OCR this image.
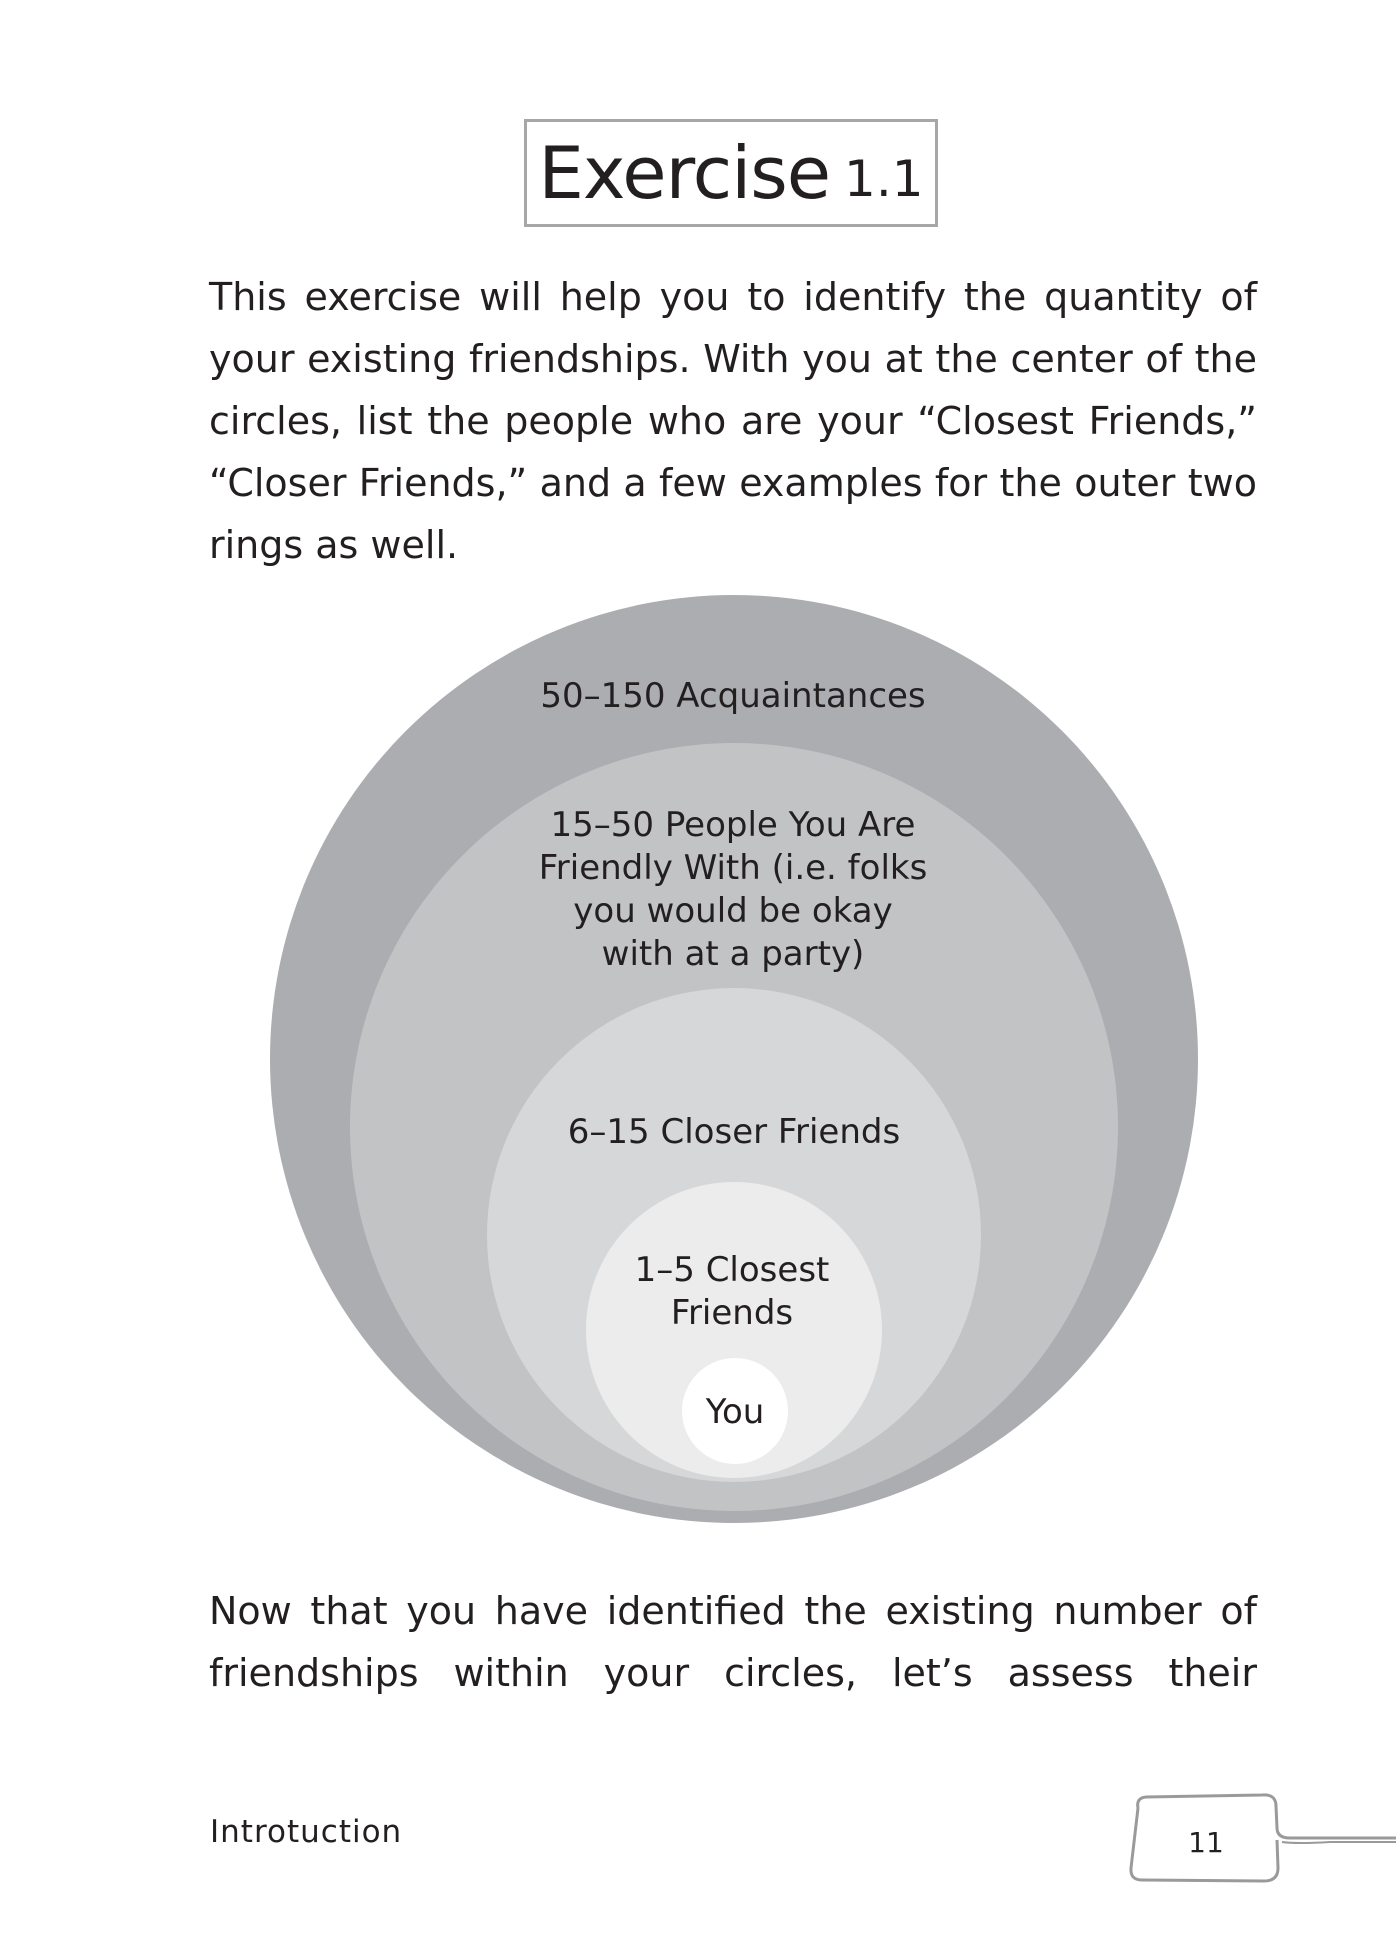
Exercise 1.1

This exercise will help you to identify the quantity of your existing friendships. With you at the center of the circles, list the people who are your “Closest Friends,” “Closer Friends,” and a few examples for the outer two rings as well.

50–150 Acquaintances
15–50 People You Are
Friendly With (i.e. folks
you would be okay
with at a party)
6–15 Closer Friends
1–5 Closest
Friends
You

Now that you have identified the existing number of friendships within your circles, let’s assess their

Introtuction	11
